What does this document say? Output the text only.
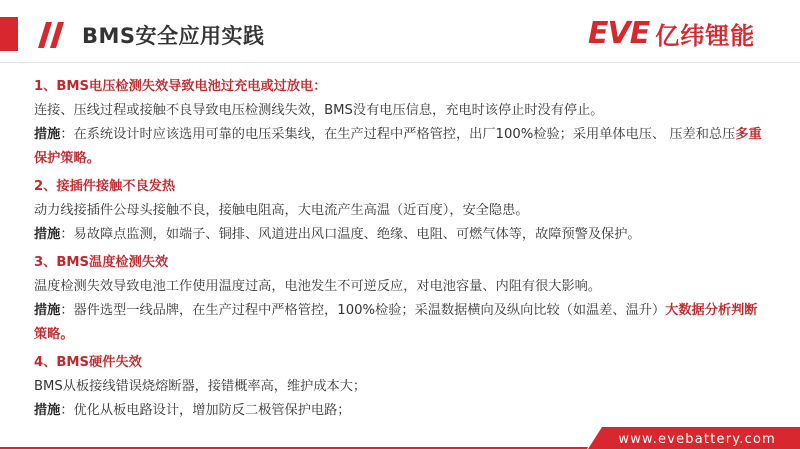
BMS安全应用实践	EVE 亿纬锂能
1、BMS电压检测失效导致电池过充电或过放电：
连接、压线过程或接触不良导致电压检测线失效，BMS没有电压信息，充电时该停止时没有停止。
措施：在系统设计时应该选用可靠的电压采集线，在生产过程中严格管控，出厂100%检验；采用单体电压、 压差和总压多重
保护策略。
2、接插件接触不良发热
动力线接插件公母头接触不良，接触电阻高，大电流产生高温（近百度），安全隐患。
措施：易故障点监测，如端子、铜排、风道进出风口温度、绝缘、电阻、可燃气体等，故障预警及保护。
3、BMS温度检测失效
温度检测失效导致电池工作使用温度过高，电池发生不可逆反应，对电池容量、内阻有很大影响。
措施：器件选型一线品牌，在生产过程中严格管控，100%检验；采温数据横向及纵向比较（如温差、温升）大数据分析判断
策略。
4、BMS硬件失效
BMS从板接线错误烧熔断器，接错概率高，维护成本大；
措施：优化从板电路设计，增加防反二极管保护电路；
www.evebattery.com
